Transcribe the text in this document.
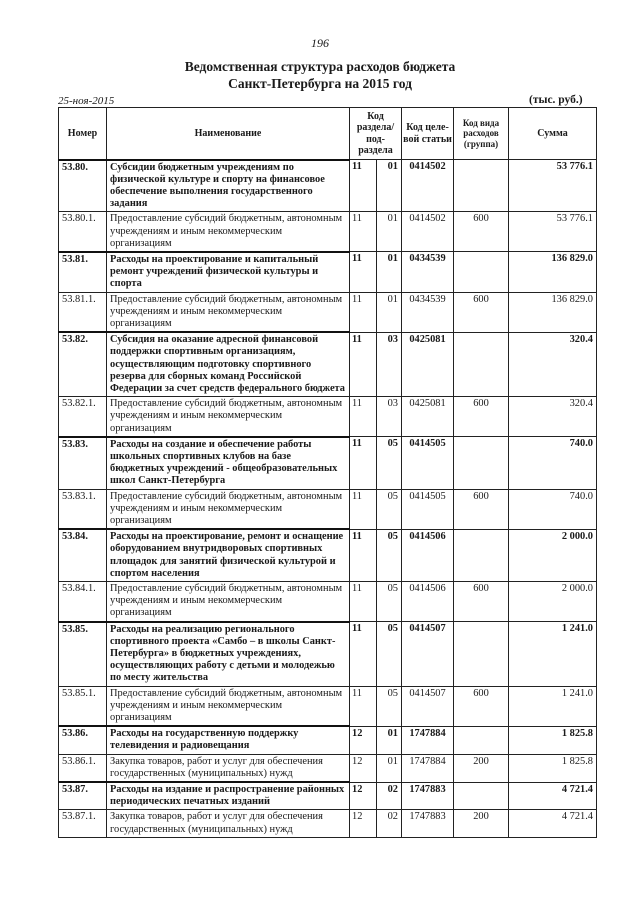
196
Ведомственная структура расходов бюджета
Санкт-Петербурга на 2015 год
25-ноя-2015	(тыс. руб.)
Номер	Наименование	Код раздела/ под-раздела		Код целе-вой статьи	Код вида расходов (группа)	Сумма
53.80.	Субсидии бюджетным учреждениям по физической культуре и спорту на финансовое обеспечение выполнения государственного задания	11	01	0414502		53 776.1
53.80.1.	Предоставление субсидий бюджетным, автономным учреждениям и иным некоммерческим организациям	11	01	0414502	600	53 776.1
53.81.	Расходы на проектирование и капитальный ремонт учреждений физической культуры и спорта	11	01	0434539		136 829.0
53.81.1.	Предоставление субсидий бюджетным, автономным учреждениям и иным некоммерческим организациям	11	01	0434539	600	136 829.0
53.82.	Субсидия на оказание адресной финансовой поддержки спортивным организациям, осуществляющим подготовку спортивного резерва для сборных команд Российской Федерации за счет средств федерального бюджета	11	03	0425081		320.4
53.82.1.	Предоставление субсидий бюджетным, автономным учреждениям и иным некоммерческим организациям	11	03	0425081	600	320.4
53.83.	Расходы на создание и обеспечение работы школьных спортивных клубов на базе бюджетных учреждений - общеобразовательных школ Санкт-Петербурга	11	05	0414505		740.0
53.83.1.	Предоставление субсидий бюджетным, автономным учреждениям и иным некоммерческим организациям	11	05	0414505	600	740.0
53.84.	Расходы на проектирование, ремонт и оснащение оборудованием внутридворовых спортивных площадок для занятий физической культурой и спортом населения	11	05	0414506		2 000.0
53.84.1.	Предоставление субсидий бюджетным, автономным учреждениям и иным некоммерческим организациям	11	05	0414506	600	2 000.0
53.85.	Расходы на реализацию регионального спортивного проекта «Самбо – в школы Санкт-Петербурга» в бюджетных учреждениях, осуществляющих работу с детьми и молодежью по месту жительства	11	05	0414507		1 241.0
53.85.1.	Предоставление субсидий бюджетным, автономным учреждениям и иным некоммерческим организациям	11	05	0414507	600	1 241.0
53.86.	Расходы на государственную поддержку телевидения и радиовещания	12	01	1747884		1 825.8
53.86.1.	Закупка товаров, работ и услуг для обеспечения государственных (муниципальных) нужд	12	01	1747884	200	1 825.8
53.87.	Расходы на издание и распространение районных периодических печатных изданий	12	02	1747883		4 721.4
53.87.1.	Закупка товаров, работ и услуг для обеспечения государственных (муниципальных) нужд	12	02	1747883	200	4 721.4
